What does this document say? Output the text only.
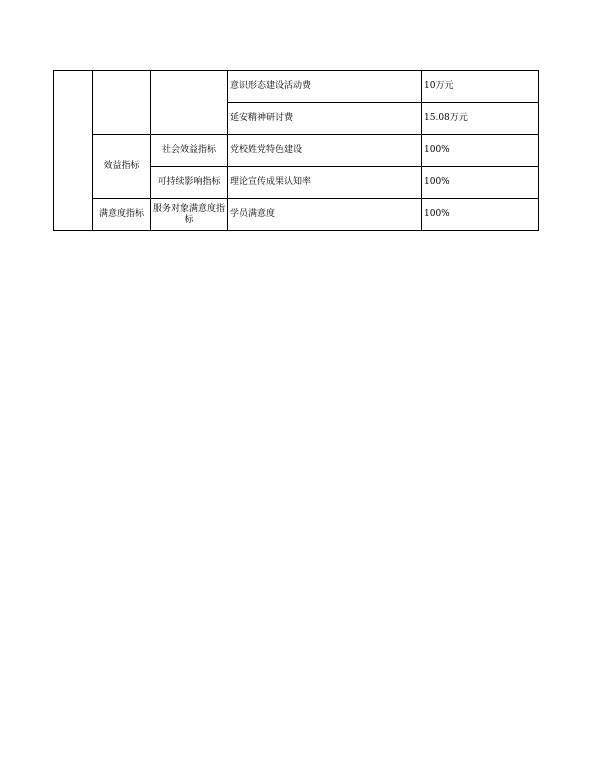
			意识形态建设活动费	10万元
			延安精神研讨费	15.08万元
	效益指标	社会效益指标	党校姓党特色建设	100%
		可持续影响指标	理论宣传成果认知率	100%
	满意度指标	服务对象满意度指标	学员满意度	100%
